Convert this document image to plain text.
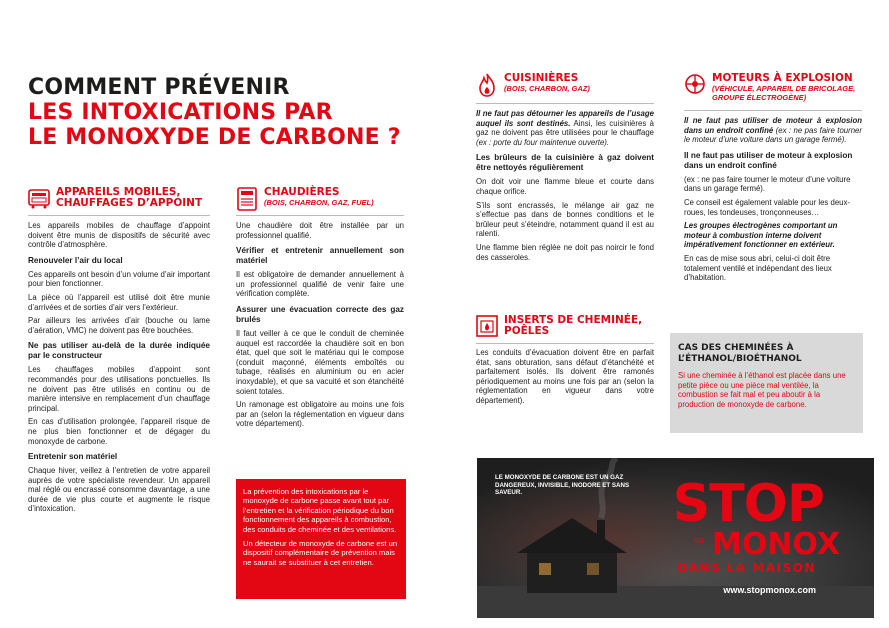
COMMENT PRÉVENIR
LES INTOXICATIONS PAR
LE MONOXYDE DE CARBONE ?
APPAREILS MOBILES,
CHAUFFAGES D’APPOINT

Les appareils mobiles de chauffage d’appoint doivent être munis de dispositifs de sécurité avec contrôle d’atmosphère.

Renouveler l’air du local

Ces appareils ont besoin d’un volume d’air important pour bien fonctionner.

La pièce où l’appareil est utilisé doit être munie d’arrivées et de sorties d’air vers l’extérieur.

Par ailleurs les arrivées d’air (bouche ou lame d’aération, VMC) ne doivent pas être bouchées.

Ne pas utiliser au-delà de la durée indiquée par le constructeur

Les chauffages mobiles d’appoint sont recommandés pour des utilisations ponctuelles. Ils ne doivent pas être utilisés en continu ou de manière intensive en remplacement d’un chauffage principal.

En cas d’utilisation prolongée, l’appareil risque de ne plus bien fonctionner et de dégager du monoxyde de carbone.

Entretenir son matériel

Chaque hiver, veillez à l’entretien de votre appareil auprès de votre spécialiste revendeur. Un appareil mal réglé ou encrassé consomme davantage, a une durée de vie plus courte et augmente le risque d’intoxication.

CHAUDIÈRES
(BOIS, CHARBON, GAZ, FUEL)

Une chaudière doit être installée par un professionnel qualifié.

Vérifier et entretenir annuellement son matériel

Il est obligatoire de demander annuellement à un professionnel qualifié de venir faire une vérification complète.

Assurer une évacuation correcte des gaz brulés

Il faut veiller à ce que le conduit de cheminée auquel est raccordée la chaudière soit en bon état, quel que soit le matériau qui le compose (conduit maçonné, éléments emboîtés ou tubage, réalisés en aluminium ou en acier inoxydable), et que sa vacuité et son étanchéité soient totales.

Un ramonage est obligatoire au moins une fois par an (selon la réglementation en vigueur dans votre département).

La prévention des intoxications par le monoxyde de carbone passe avant tout par l’entretien et la vérification périodique du bon fonctionnement des appareils à combustion, des conduits de cheminée et des ventilations.

Un détecteur de monoxyde de carbone est un dispositif complémentaire de prévention mais ne saurait se substituer à cet entretien.

CUISINIÈRES
(BOIS, CHARBON, GAZ)

Il ne faut pas détourner les appareils de l’usage auquel ils sont destinés. Ainsi, les cuisinières à gaz ne doivent pas être utilisées pour le chauffage (ex : porte du four maintenue ouverte).

Les brûleurs de la cuisinière à gaz doivent être nettoyés régulièrement

On doit voir une flamme bleue et courte dans chaque orifice.

S’ils sont encrassés, le mélange air gaz ne s’effectue pas dans de bonnes conditions et le brûleur peut s’éteindre, notamment quand il est au ralenti.

Une flamme bien réglée ne doit pas noircir le fond des casseroles.

INSERTS DE CHEMINÉE,
POÊLES

Les conduits d’évacuation doivent être en parfait état, sans obturation, sans défaut d’étanchéité et parfaitement isolés. Ils doivent être ramonés périodiquement au moins une fois par an (selon la réglementation en vigueur dans votre département).

MOTEURS À EXPLOSION
(VÉHICULE, APPAREIL DE BRICOLAGE, GROUPE ÉLECTROGÈNE)

Il ne faut pas utiliser de moteur à explosion dans un endroit confiné (ex : ne pas faire tourner le moteur d’une voiture dans un garage fermé).

Il ne faut pas utiliser de moteur à explosion dans un endroit confiné

(ex : ne pas faire tourner le moteur d’une voiture dans un garage fermé).

Ce conseil est également valable pour les deux-roues, les tondeuses, tronçonneuses…

Les groupes électrogènes comportant un moteur à combustion interne doivent impérativement fonctionner en extérieur.

En cas de mise sous abri, celui-ci doit être totalement ventilé et indépendant des lieux d’habitation.

CAS DES CHEMINÉES À
L’ÉTHANOL/BIOÉTHANOL
Si une cheminée à l’éthanol est placée dans une petite pièce ou une pièce mal ventilée, la combustion se fait mal et peu aboutir à la production de monoxyde de carbone.
LE MONOXYDE DE CARBONE EST UN GAZ DANGEREUX, INVISIBLE, INODORE ET SANS SAVEUR.	STOP
AU MONOX
DANS LA MAISON
www.stopmonox.com
